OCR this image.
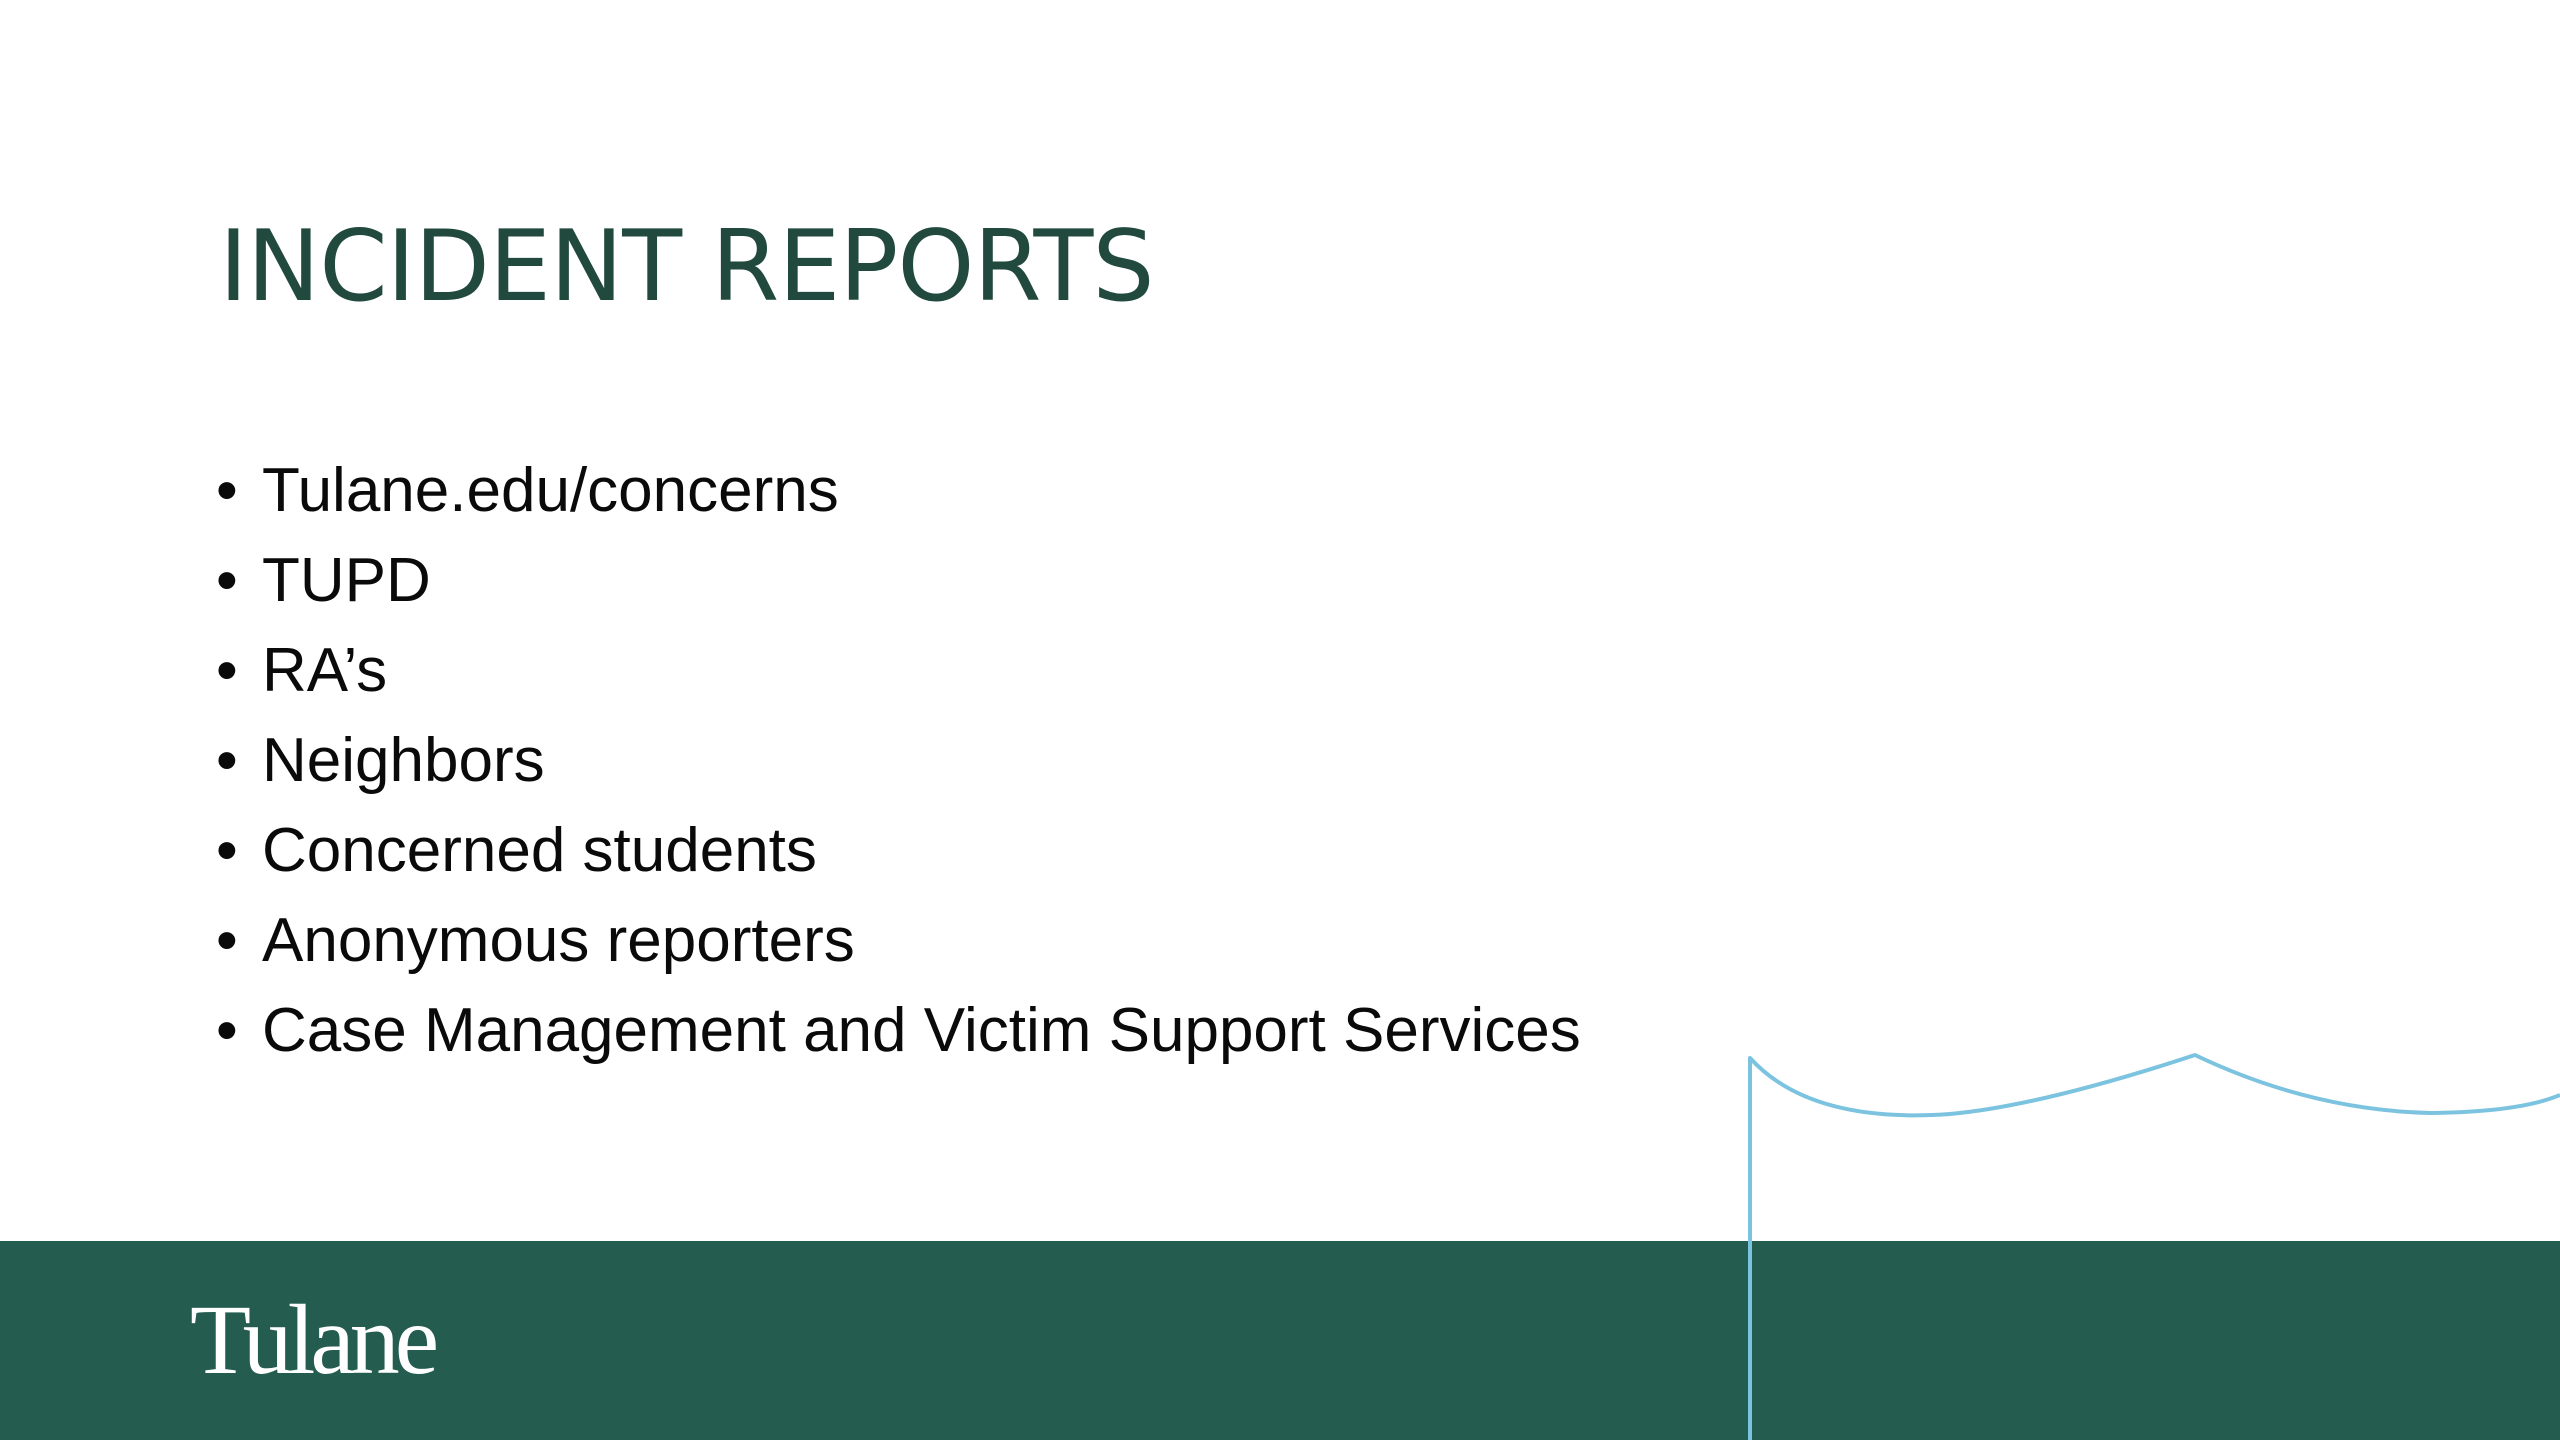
INCIDENT REPORTS
• Tulane.edu/concerns
• TUPD
• RA’s
• Neighbors
• Concerned students
• Anonymous reporters
• Case Management and Victim Support Services
Tulane
